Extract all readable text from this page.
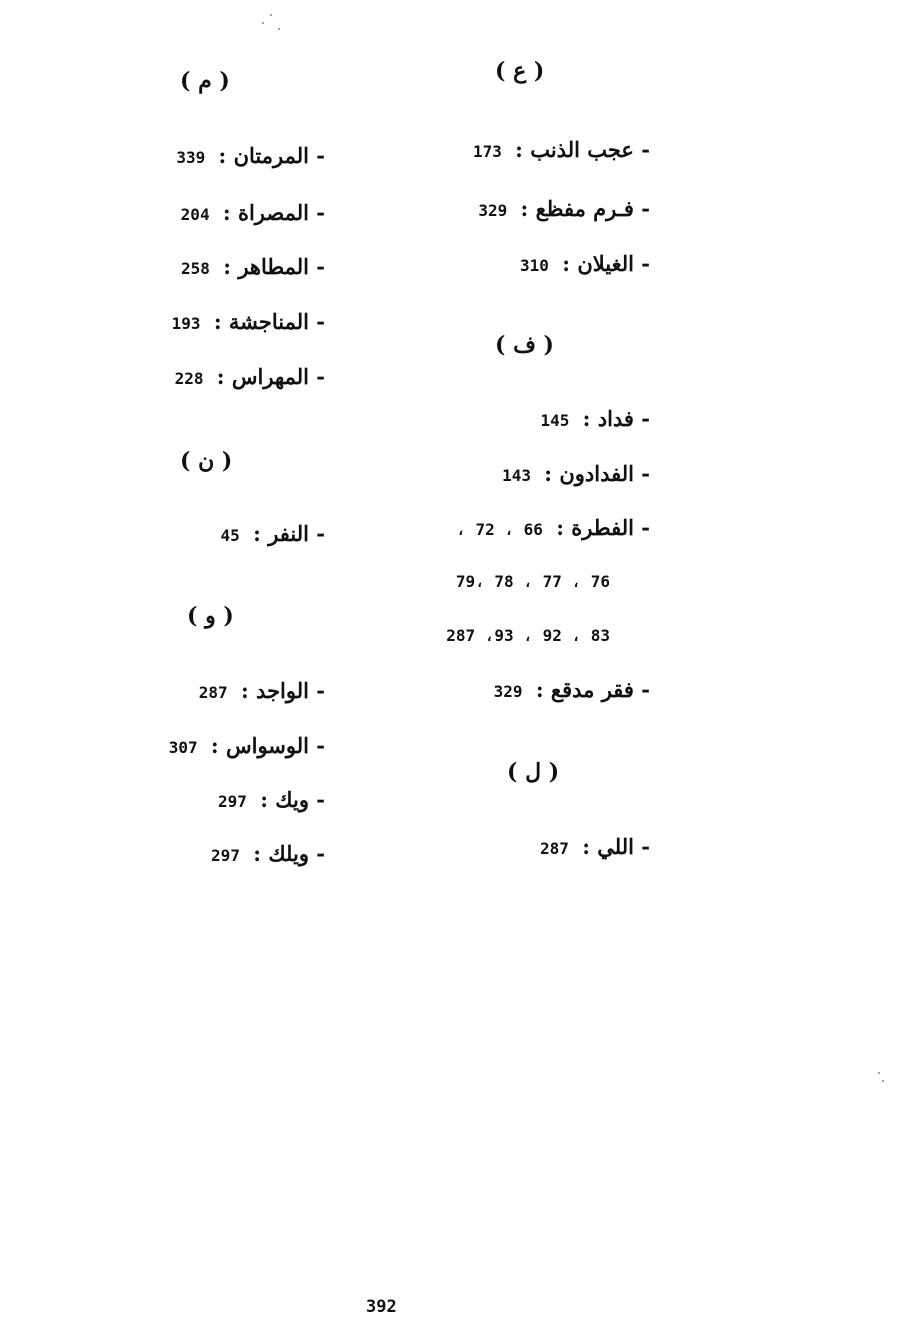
( ع )
- عجب الذنب : 173
- فـرم مفظع : 329
- الغيلان : 310
( ف )
- فداد : 145
- الفدادون : 143
- الفطرة : 66 ، 72 ،
76 ، 77 ، 78 ،79
83 ، 92 ، 93، 287
- فقر مدقع : 329
( ل )
- اللي : 287
( م )
- المرمتان : 339
- المصراة : 204
- المطاهر : 258
- المناجشة : 193
- المهراس : 228
( ن )
- النفر : 45
( و )
- الواجد : 287
- الوسواس : 307
- ويك : 297
- ويلك : 297
392
